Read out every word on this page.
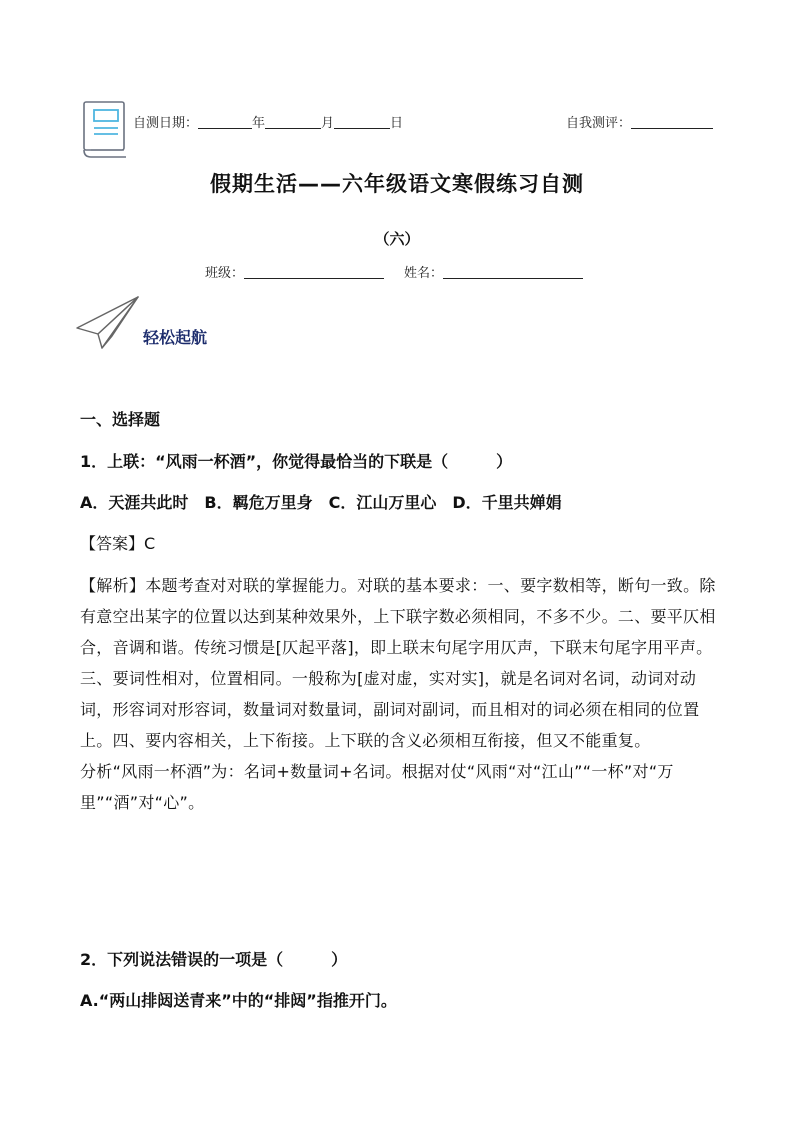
自测日期：	年	月	日	自我测评：
假期生活——六年级语文寒假练习自测
（六）
班级：	姓名：
轻松起航
一、选择题
1．上联：“风雨一杯酒”，你觉得最恰当的下联是（　　　）
A．天涯共此时　B．羁危万里身　C．江山万里心　D．千里共婵娟
【答案】C

【解析】本题考查对对联的掌握能力。对联的基本要求：一、要字数相等，断句一致。除有意空出某字的位置以达到某种效果外，上下联字数必须相同，不多不少。二、要平仄相合，音调和谐。传统习惯是[仄起平落]，即上联末句尾字用仄声，下联末句尾字用平声。三、要词性相对，位置相同。一般称为[虚对虚，实对实]，就是名词对名词，动词对动词，形容词对形容词，数量词对数量词，副词对副词，而且相对的词必须在相同的位置上。四、要内容相关，上下衔接。上下联的含义必须相互衔接，但又不能重复。

分析“风雨一杯酒”为：名词+数量词+名词。根据对仗“风雨“对“江山”“一杯”对“万里”“酒”对“心”。

2．下列说法错误的一项是（　　　）
A.“两山排闼送青来”中的“排闼”指推开门。
